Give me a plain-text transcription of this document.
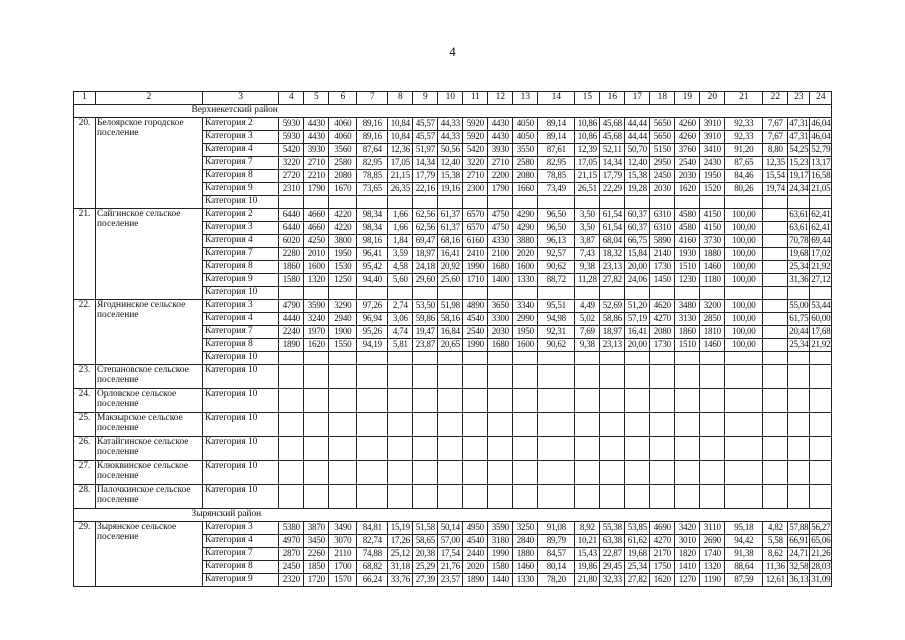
4
1	2	3	4	5	6	7	8	9	10	11	12	13	14	15	16	17	18	19	20	21	22	23	24
	Верхнекетский район																						
20.	Белоярское городское поселение	Категория 2	5930	4430	4060	89,16	10,84	45,57	44,33	5920	4430	4050	89,14	10,86	45,68	44,44	5650	4260	3910	92,33	7,67	47,31	46,04
		Категория 3	5930	4430	4060	89,16	10,84	45,57	44,33	5920	4430	4050	89,14	10,86	45,68	44,44	5650	4260	3910	92,33	7,67	47,31	46,04
		Категория 4	5420	3930	3560	87,64	12,36	51,97	50,56	5420	3930	3550	87,61	12,39	52,11	50,70	5150	3760	3410	91,20	8,80	54,25	52,79
		Категория 7	3220	2710	2580	82,95	17,05	14,34	12,40	3220	2710	2580	82,95	17,05	14,34	12,40	2950	2540	2430	87,65	12,35	15,23	13,17
		Категория 8	2720	2210	2080	78,85	21,15	17,79	15,38	2710	2200	2080	78,85	21,15	17,79	15,38	2450	2030	1950	84,46	15,54	19,17	16,58
		Категория 9	2310	1790	1670	73,65	26,35	22,16	19,16	2300	1790	1660	73,49	26,51	22,29	19,28	2030	1620	1520	80,26	19,74	24,34	21,05
		Категория 10																					
21.	Сайгинское сельское поселение	Категория 2	6440	4660	4220	98,34	1,66	62,56	61,37	6570	4750	4290	96,50	3,50	61,54	60,37	6310	4580	4150	100,00		63,61	62,41
		Категория 3	6440	4660	4220	98,34	1,66	62,56	61,37	6570	4750	4290	96,50	3,50	61,54	60,37	6310	4580	4150	100,00		63,61	62,41
		Категория 4	6020	4250	3800	98,16	1,84	69,47	68,16	6160	4330	3880	96,13	3,87	68,04	66,75	5890	4160	3730	100,00		70,78	69,44
		Категория 7	2280	2010	1950	96,41	3,59	18,97	16,41	2410	2100	2020	92,57	7,43	18,32	15,84	2140	1930	1880	100,00		19,68	17,02
		Категория 8	1860	1600	1530	95,42	4,58	24,18	20,92	1990	1680	1600	90,62	9,38	23,13	20,00	1730	1510	1460	100,00		25,34	21,92
		Категория 9	1580	1320	1250	94,40	5,60	29,60	25,60	1710	1400	1330	88,72	11,28	27,82	24,06	1450	1230	1180	100,00		31,36	27,12
		Категория 10																					
22.	Ягоднинское сельское поселение	Категория 3	4790	3590	3290	97,26	2,74	53,50	51,98	4890	3650	3340	95,51	4,49	52,69	51,20	4620	3480	3200	100,00		55,00	53,44
		Категория 4	4440	3240	2940	96,94	3,06	59,86	58,16	4540	3300	2990	94,98	5,02	58,86	57,19	4270	3130	2850	100,00		61,75	60,00
		Категория 7	2240	1970	1900	95,26	4,74	19,47	16,84	2540	2030	1950	92,31	7,69	18,97	16,41	2080	1860	1810	100,00		20,44	17,68
		Категория 8	1890	1620	1550	94,19	5,81	23,87	20,65	1990	1680	1600	90,62	9,38	23,13	20,00	1730	1510	1460	100,00		25,34	21,92
		Категория 10																					
23.	Степановское сельское поселение	Категория 10																					
24.	Орловское сельское поселение	Категория 10																					
25.	Макзырское сельское поселение	Категория 10																					
26.	Катайгинское сельское поселение	Категория 10																					
27.	Клюквинское сельское поселение	Категория 10																					
28.	Палочкинское сельское поселение	Категория 10																					
	Зырянский район																						
29.	Зырянское сельское поселение	Категория 3	5380	3870	3490	84,81	15,19	51,58	50,14	4950	3590	3250	91,08	8,92	55,38	53,85	4690	3420	3110	95,18	4,82	57,88	56,27
		Категория 4	4970	3450	3070	82,74	17,26	58,65	57,00	4540	3180	2840	89,79	10,21	63,38	61,62	4270	3010	2690	94,42	5,58	66,91	65,06
		Категория 7	2870	2260	2110	74,88	25,12	20,38	17,54	2440	1990	1880	84,57	15,43	22,87	19,68	2170	1820	1740	91,38	8,62	24,71	21,26
		Категория 8	2450	1850	1700	68,82	31,18	25,29	21,76	2020	1580	1460	80,14	19,86	29,45	25,34	1750	1410	1320	88,64	11,36	32,58	28,03
		Категория 9	2320	1720	1570	66,24	33,76	27,39	23,57	1890	1440	1330	78,20	21,80	32,33	27,82	1620	1270	1190	87,59	12,61	36,13	31,09
